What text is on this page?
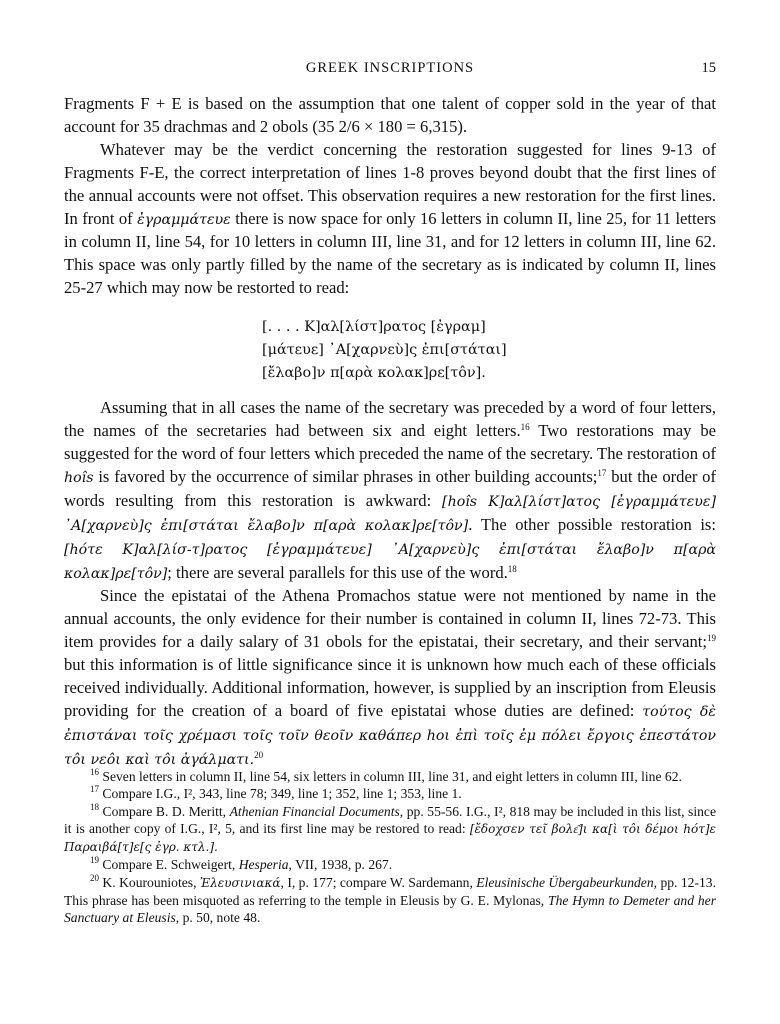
GREEK INSCRIPTIONS	15

Fragments F + E is based on the assumption that one talent of copper sold in the year of that account for 35 drachmas and 2 obols (35 2/6 × 180 = 6,315).

Whatever may be the verdict concerning the restoration suggested for lines 9-13 of Fragments F-E, the correct interpretation of lines 1-8 proves beyond doubt that the first lines of the annual accounts were not offset. This observation requires a new restoration for the first lines. In front of ἐγραμμάτευε there is now space for only 16 letters in column II, line 25, for 11 letters in column II, line 54, for 10 letters in column III, line 31, and for 12 letters in column III, line 62. This space was only partly filled by the name of the secretary as is indicated by column II, lines 25-27 which may now be restorted to read:

[. . . . Κ]αλ[λίστ]ρατος [ἐγραμ]
[μάτευε] ᾿Α[χαρνεὺ]ς ἐπι[στάται]
[ἔλαβο]ν π[αρὰ κολακ]ρε[τôν].

Assuming that in all cases the name of the secretary was preceded by a word of four letters, the names of the secretaries had between six and eight letters.$^{16}$ Two restorations may be suggested for the word of four letters which preceded the name of the secretary. The restoration of hoîs is favored by the occurrence of similar phrases in other building accounts;$^{17}$ but the order of words resulting from this restoration is awkward: [hoîs Κ]αλ[λίστ]ατος [ἐγραμμάτευε] ᾿Α[χαρνεὺ]ς ἐπι[στάται ἔλαβο]ν π[αρὰ κολακ]ρε[τôν]. The other possible restoration is: [hότε Κ]αλ[λίσ-τ]ρατος [ἐγραμμάτευε] ᾿Α[χαρνεὺ]ς ἐπι[στάται ἔλαβο]ν π[αρὰ κολακ]ρε[τôν]; there are several parallels for this use of the word.$^{18}$

Since the epistatai of the Athena Promachos statue were not mentioned by name in the annual accounts, the only evidence for their number is contained in column II, lines 72-73. This item provides for a daily salary of 31 obols for the epistatai, their secretary, and their servant;$^{19}$ but this information is of little significance since it is unknown how much each of these officials received individually. Additional information, however, is supplied by an inscription from Eleusis providing for the creation of a board of five epistatai whose duties are defined: τούτος δὲ ἐπιστάναι τοῖς χρέμασι τοῖς τοῖν θεοῖν καθάπερ hοι ἐπὶ τοῖς ἐμ πόλει ἔργοις ἐπεστάτον τôι νεôι καὶ τôι ἀγάλματι.$^{20}$

$^{16}$ Seven letters in column II, line 54, six letters in column III, line 31, and eight letters in column III, line 62.

$^{17}$ Compare I.G., I², 343, line 78; 349, line 1; 352, line 1; 353, line 1.

$^{18}$ Compare B. D. Meritt, Athenian Financial Documents, pp. 55-56. I.G., I², 818 may be included in this list, since it is another copy of I.G., I², 5, and its first line may be restored to read: [ἔδοχσεν τεῖ βολε͂]ι κα[ὶ τôι δέμοι hότ]ε Παραιβά[τ]ε[ς ἐγρ. κτλ.].

$^{19}$ Compare E. Schweigert, Hesperia, VII, 1938, p. 267.

$^{20}$ K. Kourouniotes, Ἐλευσινιακά, I, p. 177; compare W. Sardemann, Eleusinische Übergabeurkunden, pp. 12-13. This phrase has been misquoted as referring to the temple in Eleusis by G. E. Mylonas, The Hymn to Demeter and her Sanctuary at Eleusis, p. 50, note 48.
